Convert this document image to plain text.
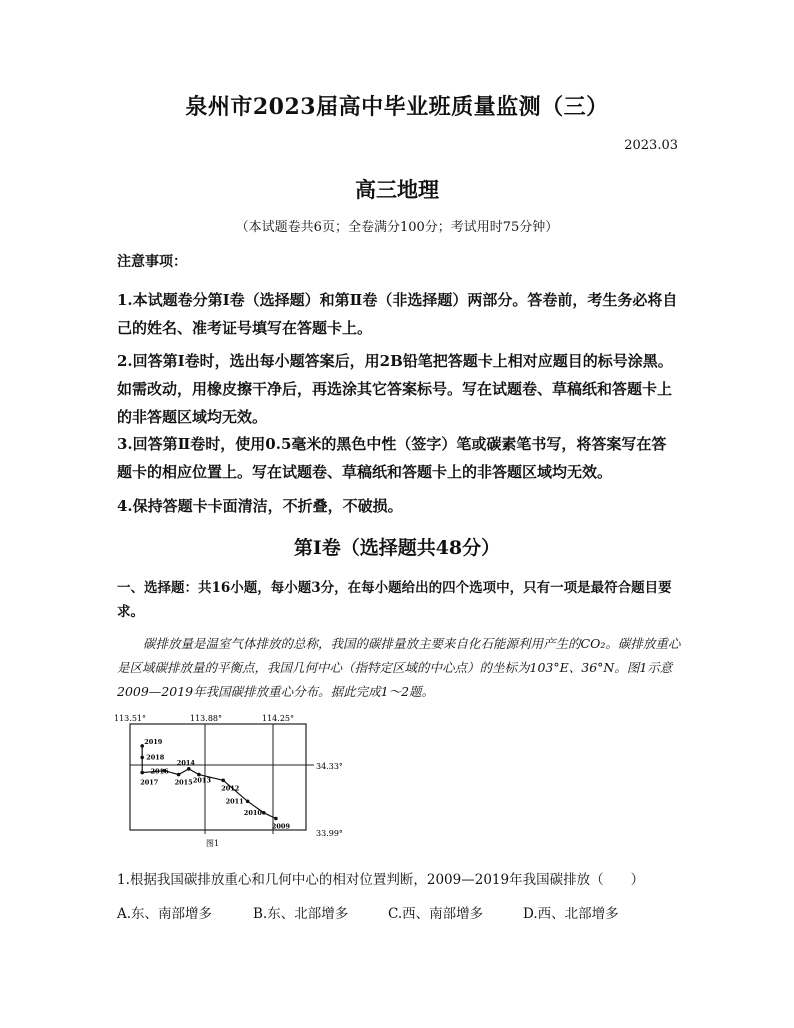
泉州市2023届高中毕业班质量监测（三）
2023.03
高三地理
（本试题卷共6页；全卷满分100分；考试用时75分钟）
注意事项：
1.本试题卷分第Ⅰ卷（选择题）和第Ⅱ卷（非选择题）两部分。答卷前，考生务必将自己的姓名、准考证号填写在答题卡上。
2.回答第Ⅰ卷时，选出每小题答案后，用2B铅笔把答题卡上相对应题目的标号涂黑。如需改动，用橡皮擦干净后，再选涂其它答案标号。写在试题卷、草稿纸和答题卡上的非答题区域均无效。
3.回答第Ⅱ卷时，使用0.5毫米的黑色中性（签字）笔或碳素笔书写，将答案写在答题卡的相应位置上。写在试题卷、草稿纸和答题卡上的非答题区域均无效。
4.保持答题卡卡面清洁，不折叠，不破损。
第Ⅰ卷（选择题共48分）
一、选择题：共16小题，每小题3分，在每小题给出的四个选项中，只有一项是最符合题目要求。
碳排放量是温室气体排放的总称，我国的碳排量放主要来自化石能源利用产生的CO₂。碳排放重心是区域碳排放量的平衡点，我国几何中心（指特定区域的中心点）的坐标为103°E、36°N。图1示意2009—2019年我国碳排放重心分布。据此完成1～2题。
113.51°	113.88°	114.25°
34.33°
33.99°
图1
2019
2018
2017
2016
2015
2014
2013
2012
2011
2010
2009
1.根据我国碳排放重心和几何中心的相对位置判断，2009—2019年我国碳排放（　　）
A.东、南部增多	B.东、北部增多	C.西、南部增多	D.西、北部增多
